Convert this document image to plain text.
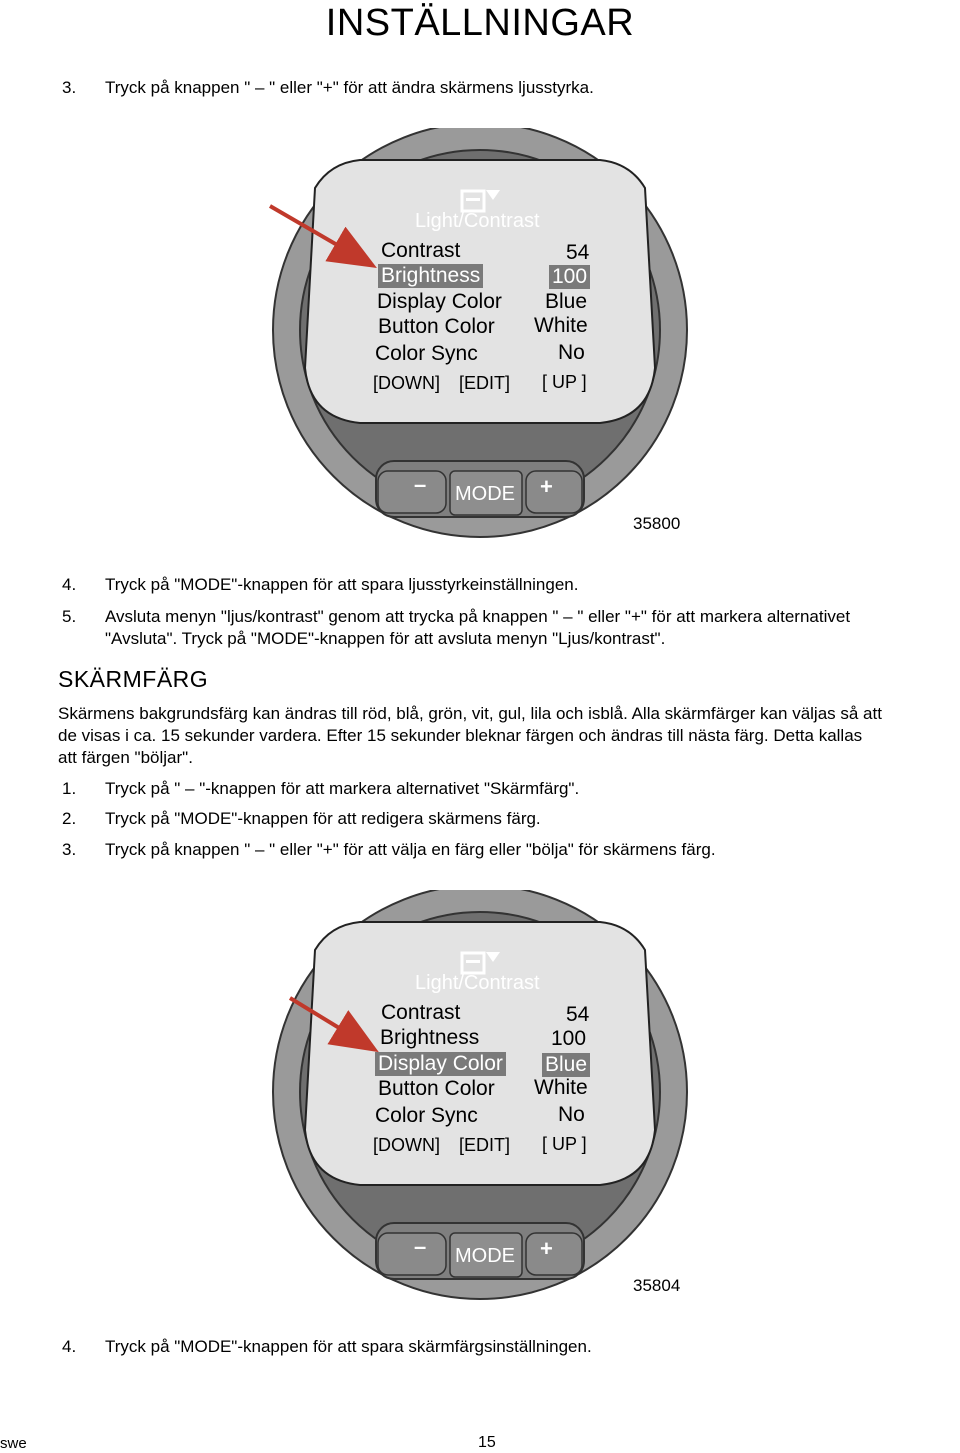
INSTÄLLNINGAR
3. Tryck på knappen " – " eller "+" för att ändra skärmens ljusstyrka.
Light/Contrast
Contrast	54
Brightness	100
Display Color Blue
Button Color White
Color Sync	No
[DOWN] [EDIT] [ UP ]
– MODE +
35800
4. Tryck på "MODE"-knappen för att spara ljusstyrkeinställningen.
5. Avsluta menyn "ljus/kontrast" genom att trycka på knappen " – " eller "+" för att markera alternativet
"Avsluta". Tryck på "MODE"-knappen för att avsluta menyn "Ljus/kontrast".
SKÄRMFÄRG
Skärmens bakgrundsfärg kan ändras till röd, blå, grön, vit, gul, lila och isblå. Alla skärmfärger kan väljas så att
de visas i ca. 15 sekunder vardera. Efter 15 sekunder bleknar färgen och ändras till nästa färg. Detta kallas
att färgen "böljar".
1. Tryck på " – "-knappen för att markera alternativet "Skärmfärg".
2. Tryck på "MODE"-knappen för att redigera skärmens färg.
3. Tryck på knappen " – " eller "+" för att välja en färg eller "bölja" för skärmens färg.
Light/Contrast
Contrast	54
Brightness	100
Display Color Blue
Button Color White
Color Sync	No
[DOWN] [EDIT] [ UP ]
– MODE +
35804
4. Tryck på "MODE"-knappen för att spara skärmfärgsinställningen.
swe	15
